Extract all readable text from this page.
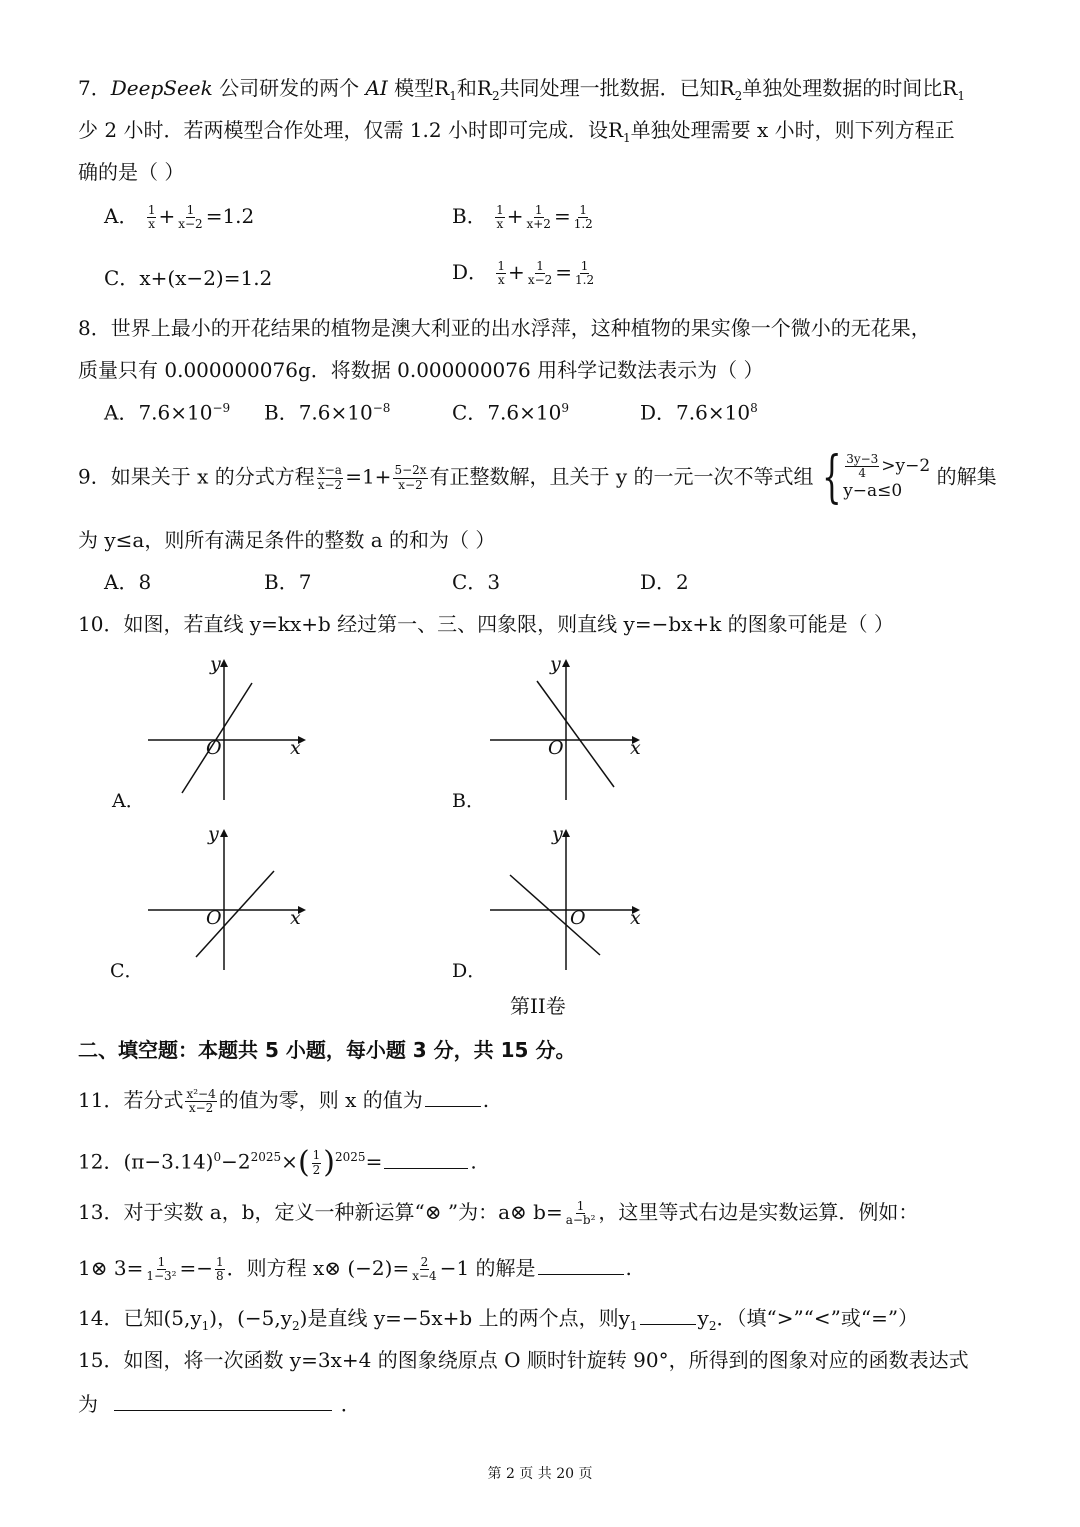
7．DeepSeek 公司研发的两个 AI 模型$R_1$和$R_2$共同处理一批数据．已知$R_2$单独处理数据的时间比$R_1$
少 2 小时．若两模型合作处理，仅需 1.2 小时即可完成．设$R_1$单独处理需要 x 小时，则下列方程正
确的是（ ）
A． $\frac{1}{x} + \frac{1}{x-2} =1.2$	B． $\frac{1}{x} + \frac{1}{x+2} = \frac{1}{1.2}$
C．x+(x−2)=1.2	D． $\frac{1}{x} + \frac{1}{x-2} = \frac{1}{1.2}$
8．世界上最小的开花结果的植物是澳大利亚的出水浮萍，这种植物的果实像一个微小的无花果，
质量只有 0.000000076g．将数据 0.000000076 用科学记数法表示为（ ）
A．$7.6\times 10^{-9}$ B．$7.6\times 10^{-8}$	C．$7.6\times 10^9$	D．$7.6\times 10^8$
9．如果关于 x 的分式方程 $\frac{x-a}{x-2} =1+ \frac{5-2x}{x-2}$ 有正整数解，且关于 y 的一元一次不等式组 { $\frac{3y-3}{4} >y-2$
y−a≤0
的解集
为 y≤a，则所有满足条件的整数 a 的和为（ ）
A．8	B．7	C．3	D．2
10．如图，若直线 y=kx+b 经过第一、三、四象限，则直线 y=−bx+k 的图象可能是（ ）
y
x
O
A．
y
x
O
B．
y
x
O
C．
y
x
O
D．
第II卷
二、填空题：本题共 5 小题，每小题 3 分，共 15 分。
11．若分式 $\frac{\text{x²−4}}{x-2}$ 的值为零，则 x 的值为	.
12．$(\pi-3.14)^0-2^{2025}\times( \frac{1}{2} )^{2025}=$	.
13．对于实数 a，b，定义一种新运算“⊗ ”为：a⊗ $b= \frac{1}{\text{a−b²}}$ ，这里等式右边是实数运算．例如：
1⊗ $3= \frac{1}{\text{1−3²}} =- \frac{1}{8}$ ．则方程 x⊗ $(-2)= \frac{2}{x-4} -1$ 的解是	.
14．已知$(5,y_1)$，$(-5,y_2)$是直线 y=−5x+b 上的两个点，则$y_1$	$y_2$．（填“>”“<”或“=”）
15．如图，将一次函数 y=3x+4 的图象绕原点 O 顺时针旋转 90°，所得到的图象对应的函数表达式
为	．
第 2 页 共 20 页
